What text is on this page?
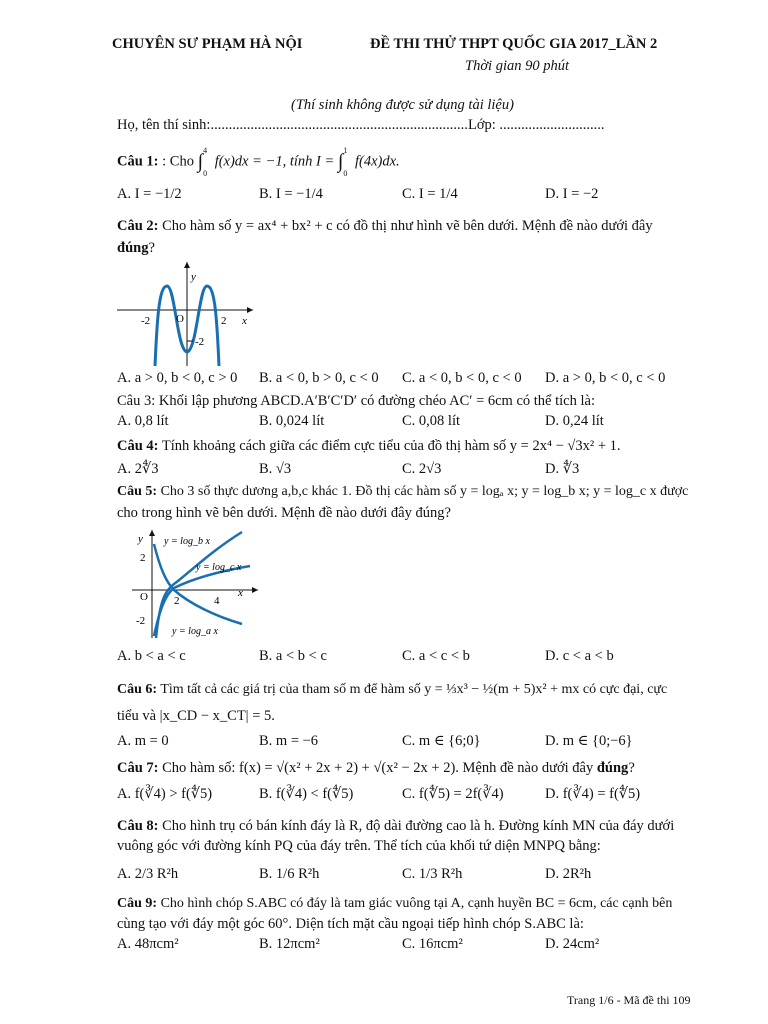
CHUYÊN SƯ PHẠM HÀ NỘI	ĐỀ THI THỬ THPT QUỐC GIA 2017_LẦN 2
Thời gian 90 phút
(Thí sinh không được sử dụng tài liệu)
Họ, tên thí sinh:....................................................................... Lớp: .............................
Câu 1: : Cho ∫ 4
0
f(x)dx = −1, tính I = ∫ 1
0
f(4x)dx.
A. I = −1/2	B. I = −1/4	C. I = 1/4	D. I = −2
Câu 2: Cho hàm số y = ax⁴ + bx² + c có đồ thị như hình vẽ bên dưới. Mệnh đề nào dưới đây
đúng?
y
x
O
-2	2
-2
A. a > 0, b < 0, c > 0 B. a < 0, b > 0, c < 0 C. a < 0, b < 0, c < 0 D. a > 0, b < 0, c < 0
Câu 3: Khối lập phương ABCD.A′B′C′D′ có đường chéo AC′ = 6cm có thể tích là:
A. 0,8 lít	B. 0,024 lít	C. 0,08 lít	D. 0,24 lít
Câu 4: Tính khoảng cách giữa các điểm cực tiểu của đồ thị hàm số y = 2x⁴ − √3x² + 1.
A. 2∜3	B. √3	C. 2√3	D. ∜3
Câu 5: Cho 3 số thực dương a,b,c khác 1. Đồ thị các hàm số y = logₐ x; y = log_b x; y = log_c x được
cho trong hình vẽ bên dưới. Mệnh đề nào dưới đây đúng?
y
2
x
O
-2
2	4
y = log_b x
y = log_c x
y = log_a x
A. b < a < c	B. a < b < c	C. a < c < b	D. c < a < b
Câu 6: Tìm tất cả các giá trị của tham số m để hàm số y = ⅓x³ − ½(m + 5)x² + mx có cực đại, cực
tiểu và |x_CD − x_CT| = 5.
A. m = 0	B. m = −6	C. m ∈ {6;0}	D. m ∈ {0;−6}
Câu 7: Cho hàm số: f(x) = √(x² + 2x + 2) + √(x² − 2x + 2). Mệnh đề nào dưới đây đúng?
A. f(∛4) > f(∜5)	B. f(∛4) < f(∜5)	C. f(∜5) = 2f(∛4)	D. f(∛4) = f(∜5)
Câu 8: Cho hình trụ có bán kính đáy là R, độ dài đường cao là h. Đường kính MN của đáy dưới
vuông góc với đường kính PQ của đáy trên. Thể tích của khối tứ diện MNPQ bằng:
A. 2/3 R²h	B. 1/6 R²h	C. 1/3 R²h	D. 2R²h
Câu 9: Cho hình chóp S.ABC có đáy là tam giác vuông tại A, cạnh huyền BC = 6cm, các cạnh bên
cùng tạo với đáy một góc 60°. Diện tích mặt cầu ngoại tiếp hình chóp S.ABC là:
A. 48πcm²	B. 12πcm²	C. 16πcm²	D. 24cm²
Trang 1/6 - Mã đề thi 109
